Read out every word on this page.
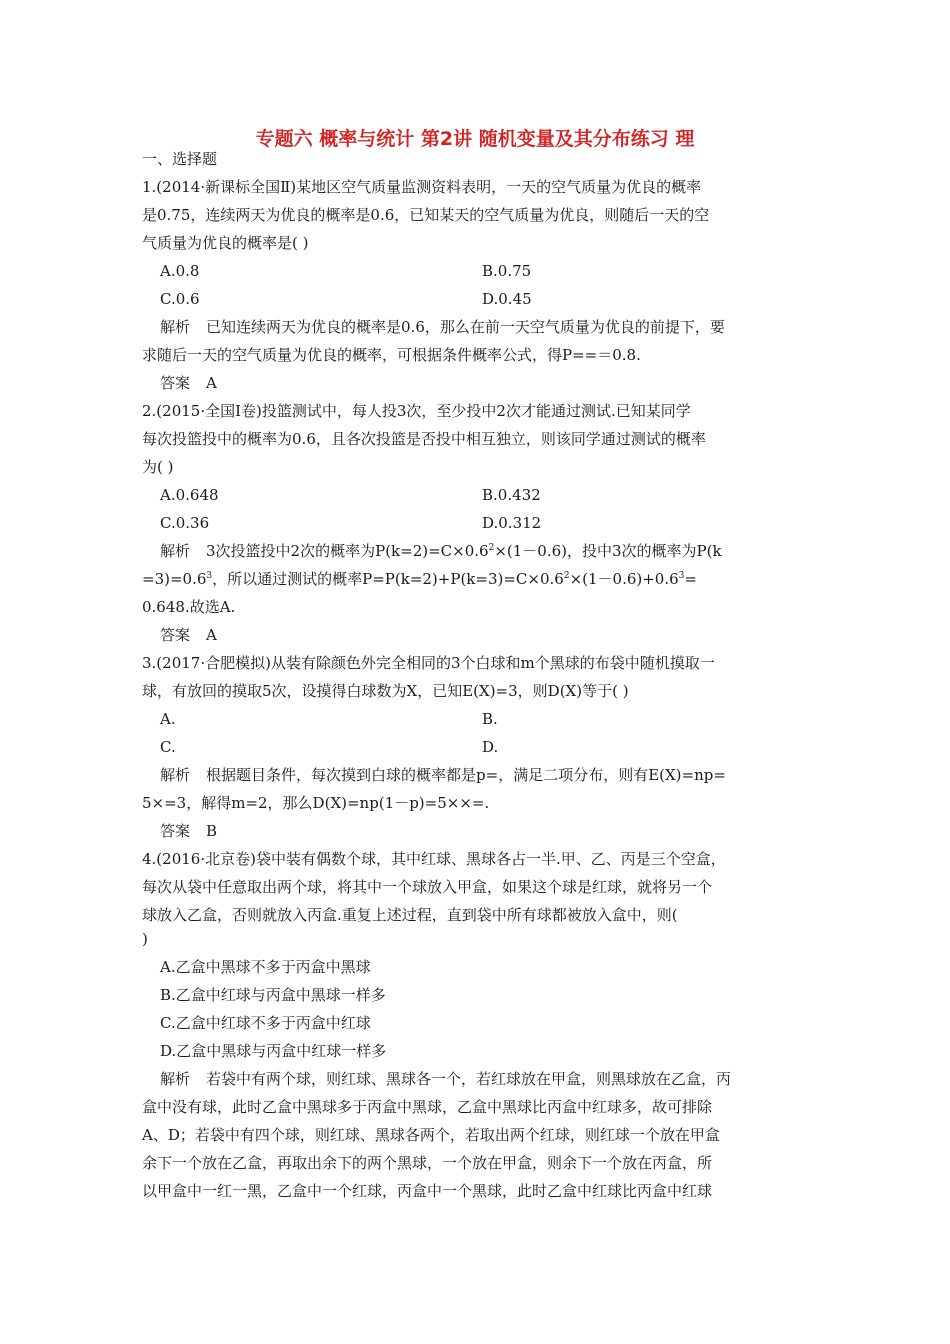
专题六 概率与统计 第2讲 随机变量及其分布练习 理
一、选择题
1.(2014·新课标全国Ⅱ)某地区空气质量监测资料表明，一天的空气质量为优良的概率
是0.75，连续两天为优良的概率是0.6，已知某天的空气质量为优良，则随后一天的空
气质量为优良的概率是( )
A.0.8	B.0.75
C.0.6	D.0.45
解析 已知连续两天为优良的概率是0.6，那么在前一天空气质量为优良的前提下，要
求随后一天的空气质量为优良的概率，可根据条件概率公式，得P==＝0.8.
答案 A
2.(2015·全国Ⅰ卷)投篮测试中，每人投3次，至少投中2次才能通过测试.已知某同学
每次投篮投中的概率为0.6，且各次投篮是否投中相互独立，则该同学通过测试的概率
为( )
A.0.648	B.0.432
C.0.36	D.0.312
解析 3次投篮投中2次的概率为$P(k=2)=C\times 0.6^2\times(1-0.6)$，投中3次的概率为P(k
$=3)=0.6^3$，所以通过测试的概率$P=P(k=2)+P(k=3)=C\times 0.6^2\times(1-0.6)+0.6^3=$
0.648.故选A.
答案 A
3.(2017·合肥模拟)从装有除颜色外完全相同的3个白球和m个黑球的布袋中随机摸取一
球，有放回的摸取5次，设摸得白球数为X，已知E(X)=3，则D(X)等于( )
A.	B.
C.	D.
解析 根据题目条件，每次摸到白球的概率都是p=，满足二项分布，则有E(X)=np=
5×=3，解得m=2，那么D(X)=np(1－p)=5××=.
答案 B
4.(2016·北京卷)袋中装有偶数个球，其中红球、黑球各占一半.甲、乙、丙是三个空盒，
每次从袋中任意取出两个球，将其中一个球放入甲盒，如果这个球是红球，就将另一个
球放入乙盒，否则就放入丙盒.重复上述过程，直到袋中所有球都被放入盒中，则(
)
A.乙盒中黑球不多于丙盒中黑球
B.乙盒中红球与丙盒中黑球一样多
C.乙盒中红球不多于丙盒中红球
D.乙盒中黑球与丙盒中红球一样多
解析 若袋中有两个球，则红球、黑球各一个，若红球放在甲盒，则黑球放在乙盒，丙
盒中没有球，此时乙盒中黑球多于丙盒中黑球，乙盒中黑球比丙盒中红球多，故可排除
A、D；若袋中有四个球，则红球、黑球各两个，若取出两个红球，则红球一个放在甲盒
余下一个放在乙盒，再取出余下的两个黑球，一个放在甲盒，则余下一个放在丙盒，所
以甲盒中一红一黑，乙盒中一个红球，丙盒中一个黑球，此时乙盒中红球比丙盒中红球
